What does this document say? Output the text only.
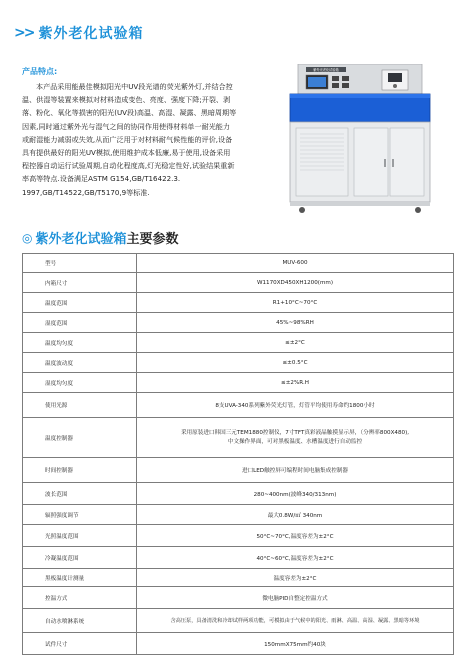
>> 紫外老化试验箱
产品特点:
本产品采用能最佳模拟阳光中UV段光谱的荧光紫外灯,并结合控
温、供湿等装置来模拟对材料造成变色、亮度、强度下降;开裂、剥
落、粉化、氧化等损害的阳光(UV段)高温、高湿、凝露、黑暗周期等
因素,同时通过紫外光与湿气之间的协同作用使得材料单一耐光能力
或耐湿能力减弱或失效,从而广泛用于对材料耐气候性能的评价,设备
具有提供最好的阳光UV模拟,使用维护成本低廉,易于使用,设备采用
程控器自动运行试验周期,自动化程度高,灯光稳定性好,试验结果重新
率高等特点.设备满足ASTM G154,GB/T16422.3.
1997,GB/T14522,GB/T5170,9等标准.
紫外光老化试验箱
◎ 紫外老化试验箱 主要参数
型号	MUV-600
内箱尺寸	W1170XD450XH1200(mm)
温度范围	R1+10°C~70°C
湿度范围	45%~98%RH
温度均匀度	≤±2°C
温度波动度	≤±0.5°C
湿度均匀度	≤±2%R.H
使用光源	8支UVA-340系列紫外荧光灯管，灯管平均使用寿命约1800小时
温度控制器	采用原装进口韩国三元TEM1880控制仪，7寸TFT真彩液晶触摸显示屏，（分辨率800X480),
中文操作界面，可对黑板温度、水槽温度进行自动监控
时间控制器	进口LED触控屏可编程时间电脑集成控制器
波长范围	280~400nm(波峰340/313nm)
辐照强度调节	最大0.8W/㎡ 340nm
光照温度范围	50°C~70°C,温度容差为±2°C
冷凝温度范围	40°C~60°C,温度容差为±2°C
黑板温度计测量	温度容差为±2°C
控温方式	微电脑PID自整定控温方式
自动水喷淋系统	含高压泵，具备清洗和冷却试样两项功能，可模拟由于气候中的阳光、雨淋、高温、高湿、凝露、黑暗等环境
试件尺寸	150mmX75mm约40块
